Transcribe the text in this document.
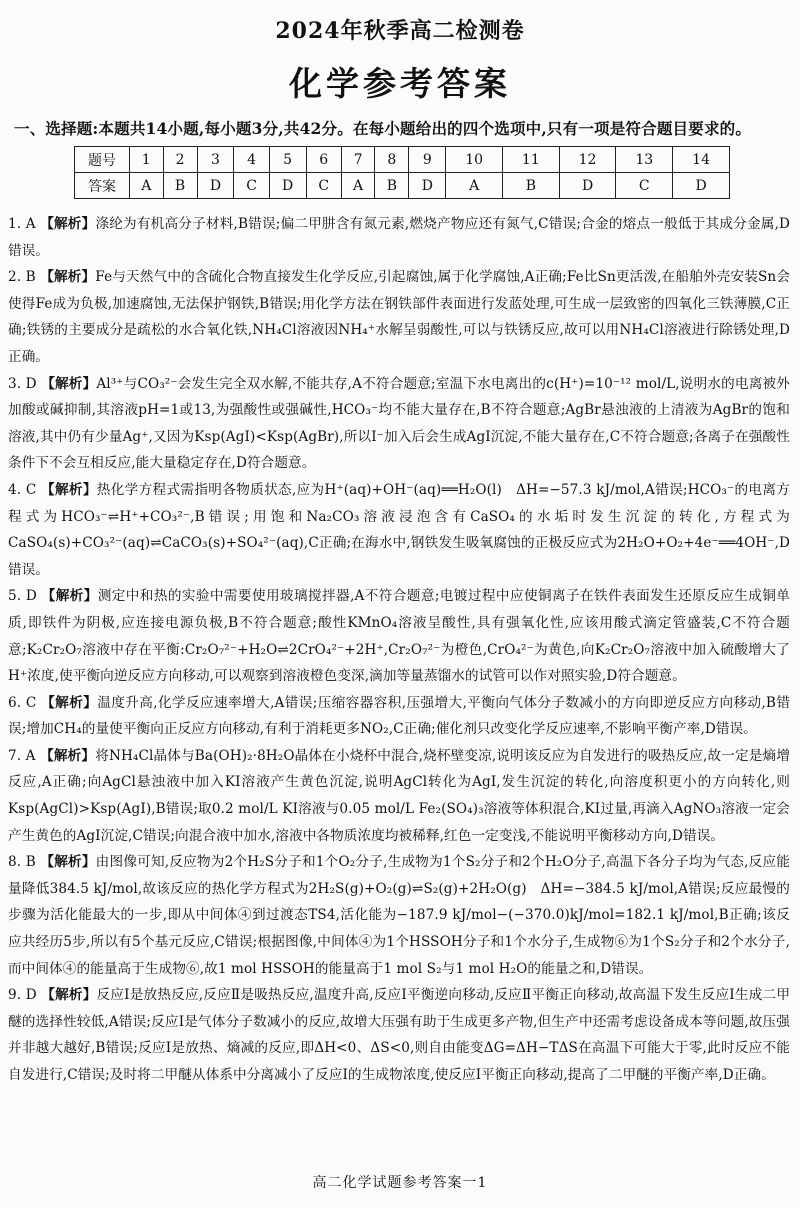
2024年秋季高二检测卷
化学参考答案
一、选择题:本题共14小题,每小题3分,共42分。在每小题给出的四个选项中,只有一项是符合题目要求的。
题号	1	2	3	4	5	6	7	8	9	10	11	12	13	14
答案	A	B	D	C	D	C	A	B	D	A	B	D	C	D

1. A 【解析】涤纶为有机高分子材料,B错误;偏二甲肼含有氮元素,燃烧产物应还有氮气,C错误;合金的熔点一般低于其成分金属,D错误。

2. B 【解析】Fe与天然气中的含硫化合物直接发生化学反应,引起腐蚀,属于化学腐蚀,A正确;Fe比Sn更活泼,在船舶外壳安装Sn会使得Fe成为负极,加速腐蚀,无法保护钢铁,B错误;用化学方法在钢铁部件表面进行发蓝处理,可生成一层致密的四氧化三铁薄膜,C正确;铁锈的主要成分是疏松的水合氧化铁,NH₄Cl溶液因NH₄⁺水解呈弱酸性,可以与铁锈反应,故可以用NH₄Cl溶液进行除锈处理,D正确。

3. D 【解析】Al³⁺与CO₃²⁻会发生完全双水解,不能共存,A不符合题意;室温下水电离出的c(H⁺)=10⁻¹² mol/L,说明水的电离被外加酸或碱抑制,其溶液pH=1或13,为强酸性或强碱性,HCO₃⁻均不能大量存在,B不符合题意;AgBr悬浊液的上清液为AgBr的饱和溶液,其中仍有少量Ag⁺,又因为Ksp(AgI)<Ksp(AgBr),所以I⁻加入后会生成AgI沉淀,不能大量存在,C不符合题意;各离子在强酸性条件下不会互相反应,能大量稳定存在,D符合题意。

4. C 【解析】热化学方程式需指明各物质状态,应为H⁺(aq)+OH⁻(aq)══H₂O(l)　ΔH=−57.3 kJ/mol,A错误;HCO₃⁻的电离方程式为HCO₃⁻⇌H⁺+CO₃²⁻,B错误;用饱和Na₂CO₃溶液浸泡含有CaSO₄的水垢时发生沉淀的转化,方程式为CaSO₄(s)+CO₃²⁻(aq)⇌CaCO₃(s)+SO₄²⁻(aq),C正确;在海水中,钢铁发生吸氧腐蚀的正极反应式为2H₂O+O₂+4e⁻══4OH⁻,D错误。

5. D 【解析】测定中和热的实验中需要使用玻璃搅拌器,A不符合题意;电镀过程中应使铜离子在铁件表面发生还原反应生成铜单质,即铁件为阴极,应连接电源负极,B不符合题意;酸性KMnO₄溶液呈酸性,具有强氧化性,应该用酸式滴定管盛装,C不符合题意;K₂Cr₂O₇溶液中存在平衡:Cr₂O₇²⁻+H₂O⇌2CrO₄²⁻+2H⁺,Cr₂O₇²⁻为橙色,CrO₄²⁻为黄色,向K₂Cr₂O₇溶液中加入硫酸增大了H⁺浓度,使平衡向逆反应方向移动,可以观察到溶液橙色变深,滴加等量蒸馏水的试管可以作对照实验,D符合题意。

6. C 【解析】温度升高,化学反应速率增大,A错误;压缩容器容积,压强增大,平衡向气体分子数减小的方向即逆反应方向移动,B错误;增加CH₄的量使平衡向正反应方向移动,有利于消耗更多NO₂,C正确;催化剂只改变化学反应速率,不影响平衡产率,D错误。

7. A 【解析】将NH₄Cl晶体与Ba(OH)₂·8H₂O晶体在小烧杯中混合,烧杯壁变凉,说明该反应为自发进行的吸热反应,故一定是熵增反应,A正确;向AgCl悬浊液中加入KI溶液产生黄色沉淀,说明AgCl转化为AgI,发生沉淀的转化,向溶度积更小的方向转化,则Ksp(AgCl)>Ksp(AgI),B错误;取0.2 mol/L KI溶液与0.05 mol/L Fe₂(SO₄)₃溶液等体积混合,KI过量,再滴入AgNO₃溶液一定会产生黄色的AgI沉淀,C错误;向混合液中加水,溶液中各物质浓度均被稀释,红色一定变浅,不能说明平衡移动方向,D错误。

8. B 【解析】由图像可知,反应物为2个H₂S分子和1个O₂分子,生成物为1个S₂分子和2个H₂O分子,高温下各分子均为气态,反应能量降低384.5 kJ/mol,故该反应的热化学方程式为2H₂S(g)+O₂(g)⇌S₂(g)+2H₂O(g)　ΔH=−384.5 kJ/mol,A错误;反应最慢的步骤为活化能最大的一步,即从中间体④到过渡态TS4,活化能为−187.9 kJ/mol−(−370.0)kJ/mol=182.1 kJ/mol,B正确;该反应共经历5步,所以有5个基元反应,C错误;根据图像,中间体④为1个HSSOH分子和1个水分子,生成物⑥为1个S₂分子和2个水分子,而中间体④的能量高于生成物⑥,故1 mol HSSOH的能量高于1 mol S₂与1 mol H₂O的能量之和,D错误。

9. D 【解析】反应Ⅰ是放热反应,反应Ⅱ是吸热反应,温度升高,反应Ⅰ平衡逆向移动,反应Ⅱ平衡正向移动,故高温下发生反应Ⅰ生成二甲醚的选择性较低,A错误;反应Ⅰ是气体分子数减小的反应,故增大压强有助于生成更多产物,但生产中还需考虑设备成本等问题,故压强并非越大越好,B错误;反应Ⅰ是放热、熵减的反应,即ΔH<0、ΔS<0,则自由能变ΔG=ΔH−TΔS在高温下可能大于零,此时反应不能自发进行,C错误;及时将二甲醚从体系中分离减小了反应Ⅰ的生成物浓度,使反应Ⅰ平衡正向移动,提高了二甲醚的平衡产率,D正确。

高二化学试题参考答案一1
